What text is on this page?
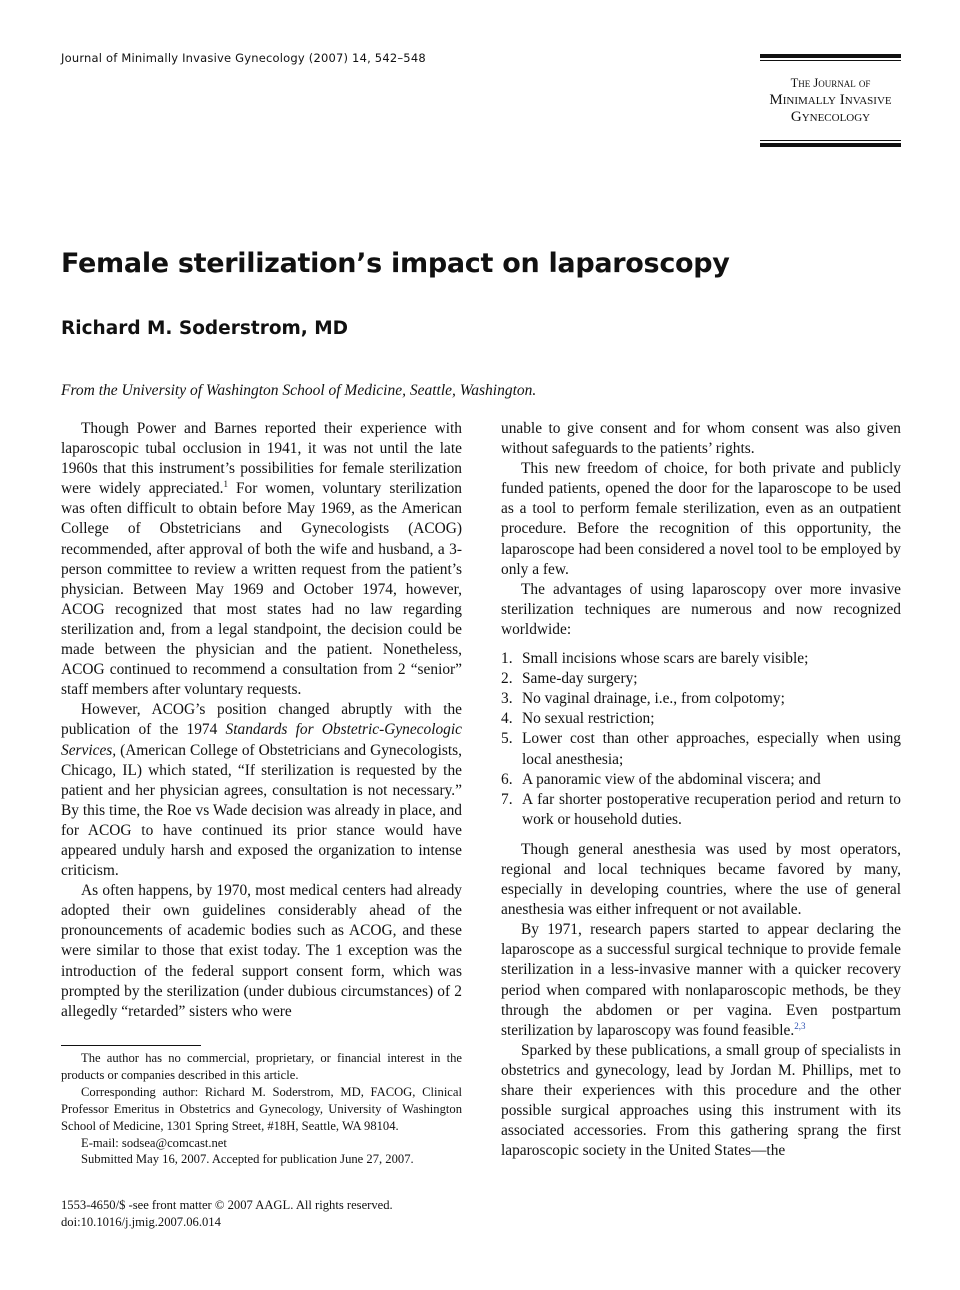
Journal of Minimally Invasive Gynecology (2007) 14, 542–548
The Journal of
Minimally Invasive
Gynecology
Female sterilization’s impact on laparoscopy
Richard M. Soderstrom, MD
From the University of Washington School of Medicine, Seattle, Washington.

Though Power and Barnes reported their experience with laparoscopic tubal occlusion in 1941, it was not until the late 1960s that this instrument’s possibilities for female sterilization were widely appreciated.$^1$ For women, voluntary sterilization was often difficult to obtain before May 1969, as the American College of Obstetricians and Gynecologists (ACOG) recommended, after approval of both the wife and husband, a 3-person committee to review a written request from the patient’s physician. Between May 1969 and October 1974, however, ACOG recognized that most states had no law regarding sterilization and, from a legal standpoint, the decision could be made between the physician and the patient. Nonetheless, ACOG continued to recommend a consultation from 2 “senior” staff members after voluntary requests.

However, ACOG’s position changed abruptly with the publication of the 1974 Standards for Obstetric-Gynecologic Services, (American College of Obstetricians and Gynecologists, Chicago, IL) which stated, “If sterilization is requested by the patient and her physician agrees, consultation is not necessary.” By this time, the Roe vs Wade decision was already in place, and for ACOG to have continued its prior stance would have appeared unduly harsh and exposed the organization to intense criticism.

As often happens, by 1970, most medical centers had already adopted their own guidelines considerably ahead of the pronouncements of academic bodies such as ACOG, and these were similar to those that exist today. The 1 exception was the introduction of the federal support consent form, which was prompted by the sterilization (under dubious circumstances) of 2 allegedly “retarded” sisters who were

unable to give consent and for whom consent was also given without safeguards to the patients’ rights.

This new freedom of choice, for both private and publicly funded patients, opened the door for the laparoscope to be used as a tool to perform female sterilization, even as an outpatient procedure. Before the recognition of this opportunity, the laparoscope had been considered a novel tool to be employed by only a few.

The advantages of using laparoscopy over more invasive sterilization techniques are numerous and now recognized worldwide:

1. Small incisions whose scars are barely visible;
2. Same-day surgery;
3. No vaginal drainage, i.e., from colpotomy;
4. No sexual restriction;
5. Lower cost than other approaches, especially when using local anesthesia;
6. A panoramic view of the abdominal viscera; and
7. A far shorter postoperative recuperation period and return to work or household duties.

Though general anesthesia was used by most operators, regional and local techniques became favored by many, especially in developing countries, where the use of general anesthesia was either infrequent or not available.

By 1971, research papers started to appear declaring the laparoscope as a successful surgical technique to provide female sterilization in a less-invasive manner with a quicker recovery period when compared with nonlaparoscopic methods, be they through the abdomen or per vagina. Even postpartum sterilization by laparoscopy was found feasible.$^{2,3}$

Sparked by these publications, a small group of specialists in obstetrics and gynecology, lead by Jordan M. Phillips, met to share their experiences with this procedure and the other possible surgical approaches using this instrument with its associated accessories. From this gathering sprang the first laparoscopic society in the United States—the

The author has no commercial, proprietary, or financial interest in the products or companies described in this article.

Corresponding author: Richard M. Soderstrom, MD, FACOG, Clinical Professor Emeritus in Obstetrics and Gynecology, University of Washington School of Medicine, 1301 Spring Street, #18H, Seattle, WA 98104.

E-mail: sodsea@comcast.net

Submitted May 16, 2007. Accepted for publication June 27, 2007.

1553-4650/$ -see front matter © 2007 AAGL. All rights reserved.
doi:10.1016/j.jmig.2007.06.014
